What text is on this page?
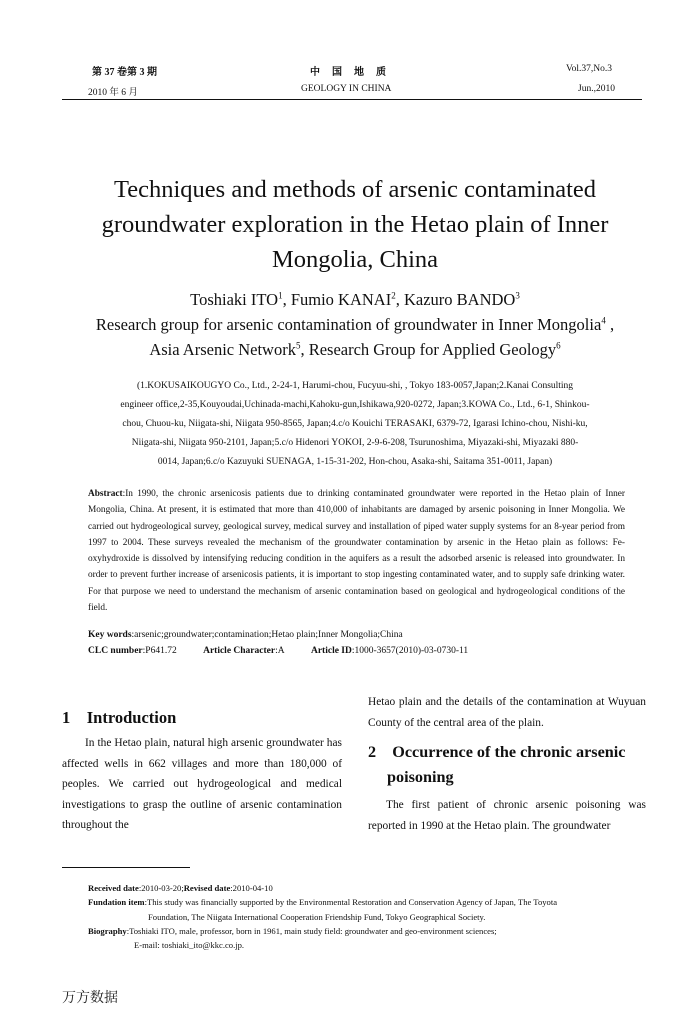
第 37 卷第 3 期	中　国　地　质	Vol.37,No.3
2010 年 6 月	GEOLOGY IN CHINA	Jun.,2010
Techniques and methods of arsenic contaminated
groundwater exploration in the Hetao plain of Inner
Mongolia, China
Toshiaki ITO$^1$, Fumio KANAI$^2$, Kazuro BANDO$^3$
Research group for arsenic contamination of groundwater in Inner Mongolia$^4$ ,
Asia Arsenic Network$^5$, Research Group for Applied Geology$^6$
(1.KOKUSAIKOUGYO Co., Ltd., 2-24-1, Harumi-chou, Fucyuu-shi, , Tokyo 183-0057,Japan;2.Kanai Consulting
engineer office,2-35,Kouyoudai,Uchinada-machi,Kahoku-gun,Ishikawa,920-0272, Japan;3.KOWA Co., Ltd., 6-1, Shinkou-
chou, Chuou-ku, Niigata-shi, Niigata 950-8565, Japan;4.c/o Kouichi TERASAKI, 6379-72, Igarasi Ichino-chou, Nishi-ku,
Niigata-shi, Niigata 950-2101, Japan;5.c/o Hidenori YOKOI, 2-9-6-208, Tsurunoshima, Miyazaki-shi, Miyazaki 880-
0014, Japan;6.c/o Kazuyuki SUENAGA, 1-15-31-202, Hon-chou, Asaka-shi, Saitama 351-0011, Japan)
Abstract:In 1990, the chronic arsenicosis patients due to drinking contaminated groundwater were reported in the Hetao plain of Inner Mongolia, China. At present, it is estimated that more than 410,000 of inhabitants are damaged by arsenic poisoning in Inner Mongolia. We carried out hydrogeological survey, geological survey, medical survey and installation of piped water supply systems for an 8-year period from 1997 to 2004. These surveys revealed the mechanism of the groundwater contamination by arsenic in the Hetao plain as follows: Fe-oxyhydroxide is dissolved by intensifying reducing condition in the aquifers as a result the adsorbed arsenic is released into groundwater. In order to prevent further increase of arsenicosis patients, it is important to stop ingesting contaminated water, and to supply safe drinking water. For that purpose we need to understand the mechanism of arsenic contamination based on geological and hydrogeological conditions of the field.
Key words:arsenic;groundwater;contamination;Hetao plain;Inner Mongolia;China
CLC number:P641.72	Article Character:A	Article ID:1000-3657(2010)-03-0730-11
1　Introduction
In the Hetao plain, natural high arsenic groundwater has affected wells in 662 villages and more than 180,000 of peoples. We carried out hydrogeological and medical investigations to grasp the outline of arsenic contamination throughout the
Hetao plain and the details of the contamination at Wuyuan County of the central area of the plain.
2　Occurrence of the chronic arsenic
poisoning
The first patient of chronic arsenic poisoning was reported in 1990 at the Hetao plain. The groundwater
Received date:2010-03-20;Revised date:2010-04-10
Fundation item:This study was financially supported by the Environmental Restoration and Conservation Agency of Japan, The Toyota
Foundation, The Niigata International Cooperation Friendship Fund, Tokyo Geographical Society.
Biography:Toshiaki ITO, male, professor, born in 1961, main study field: groundwater and geo-environment sciences;
E-mail: toshiaki_ito@kkc.co.jp.
万方数据
